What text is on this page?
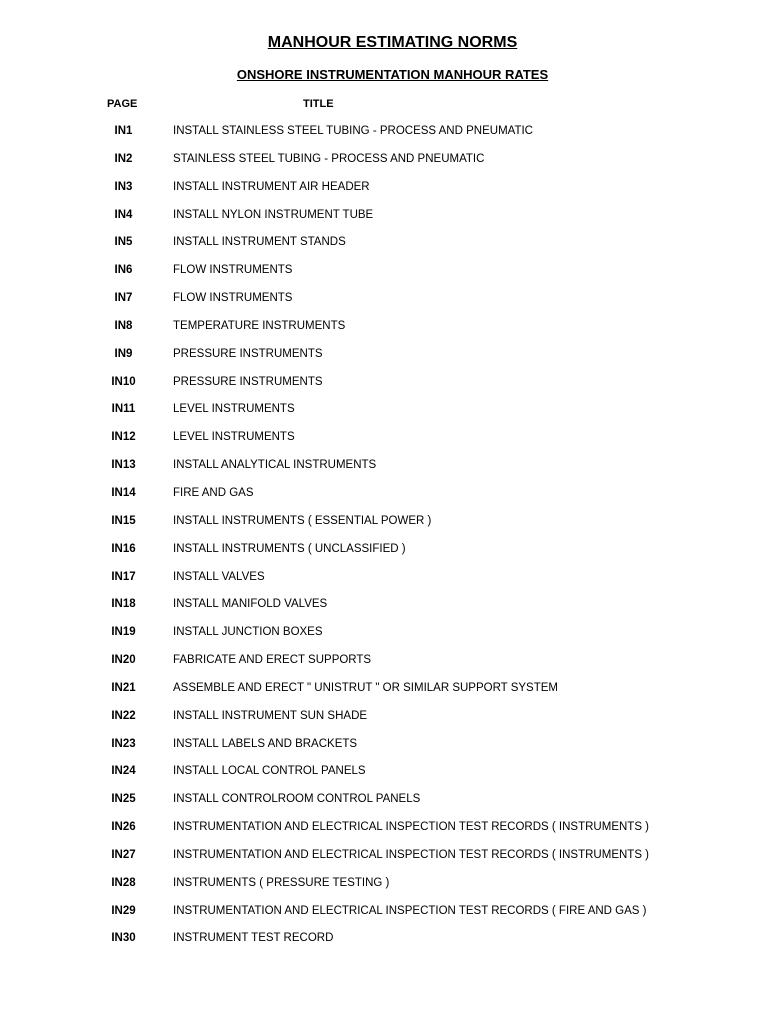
MANHOUR ESTIMATING NORMS
ONSHORE INSTRUMENTATION MANHOUR RATES
PAGE	TITLE
IN1	INSTALL STAINLESS STEEL TUBING - PROCESS AND PNEUMATIC
IN2	STAINLESS STEEL TUBING - PROCESS AND PNEUMATIC
IN3	INSTALL INSTRUMENT AIR HEADER
IN4	INSTALL NYLON INSTRUMENT TUBE
IN5	INSTALL INSTRUMENT STANDS
IN6	FLOW INSTRUMENTS
IN7	FLOW INSTRUMENTS
IN8	TEMPERATURE INSTRUMENTS
IN9	PRESSURE INSTRUMENTS
IN10	PRESSURE INSTRUMENTS
IN11	LEVEL INSTRUMENTS
IN12	LEVEL INSTRUMENTS
IN13	INSTALL ANALYTICAL INSTRUMENTS
IN14	FIRE AND GAS
IN15	INSTALL INSTRUMENTS ( ESSENTIAL POWER )
IN16	INSTALL INSTRUMENTS ( UNCLASSIFIED )
IN17	INSTALL VALVES
IN18	INSTALL MANIFOLD VALVES
IN19	INSTALL JUNCTION BOXES
IN20	FABRICATE AND ERECT SUPPORTS
IN21	ASSEMBLE AND ERECT " UNISTRUT " OR SIMILAR SUPPORT SYSTEM
IN22	INSTALL INSTRUMENT SUN SHADE
IN23	INSTALL LABELS AND BRACKETS
IN24	INSTALL LOCAL CONTROL PANELS
IN25	INSTALL CONTROLROOM CONTROL PANELS
IN26	INSTRUMENTATION AND ELECTRICAL INSPECTION TEST RECORDS ( INSTRUMENTS )
IN27	INSTRUMENTATION AND ELECTRICAL INSPECTION TEST RECORDS ( INSTRUMENTS )
IN28	INSTRUMENTS ( PRESSURE TESTING )
IN29	INSTRUMENTATION AND ELECTRICAL INSPECTION TEST RECORDS ( FIRE AND GAS )
IN30	INSTRUMENT TEST RECORD
